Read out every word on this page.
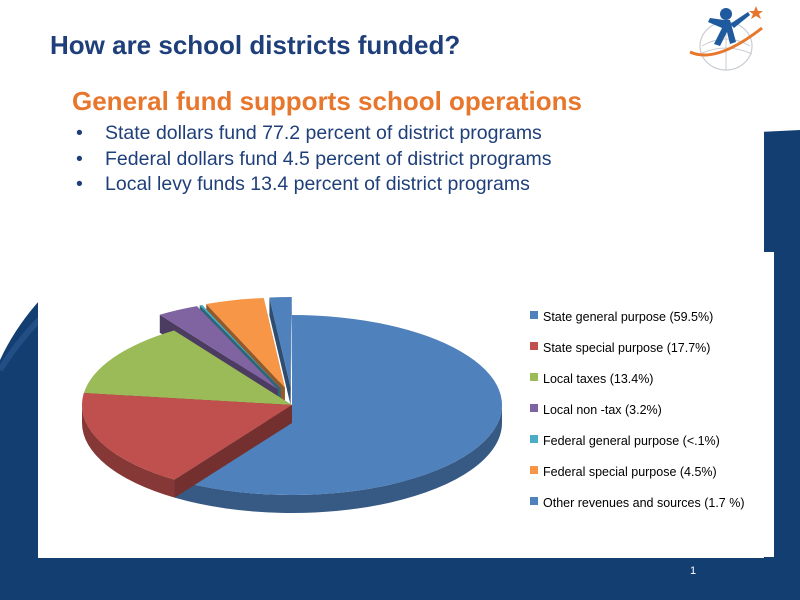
How are school districts funded?
General fund supports school operations
• State dollars fund 77.2 percent of district programs
• Federal dollars fund 4.5 percent of district programs
• Local levy funds 13.4 percent of district programs
State general purpose (59.5%)
State special purpose (17.7%)
Local taxes (13.4%)
Local non -tax (3.2%)
Federal general purpose (<.1%)
Federal special purpose (4.5%)
Other revenues and sources (1.7 %)
1
